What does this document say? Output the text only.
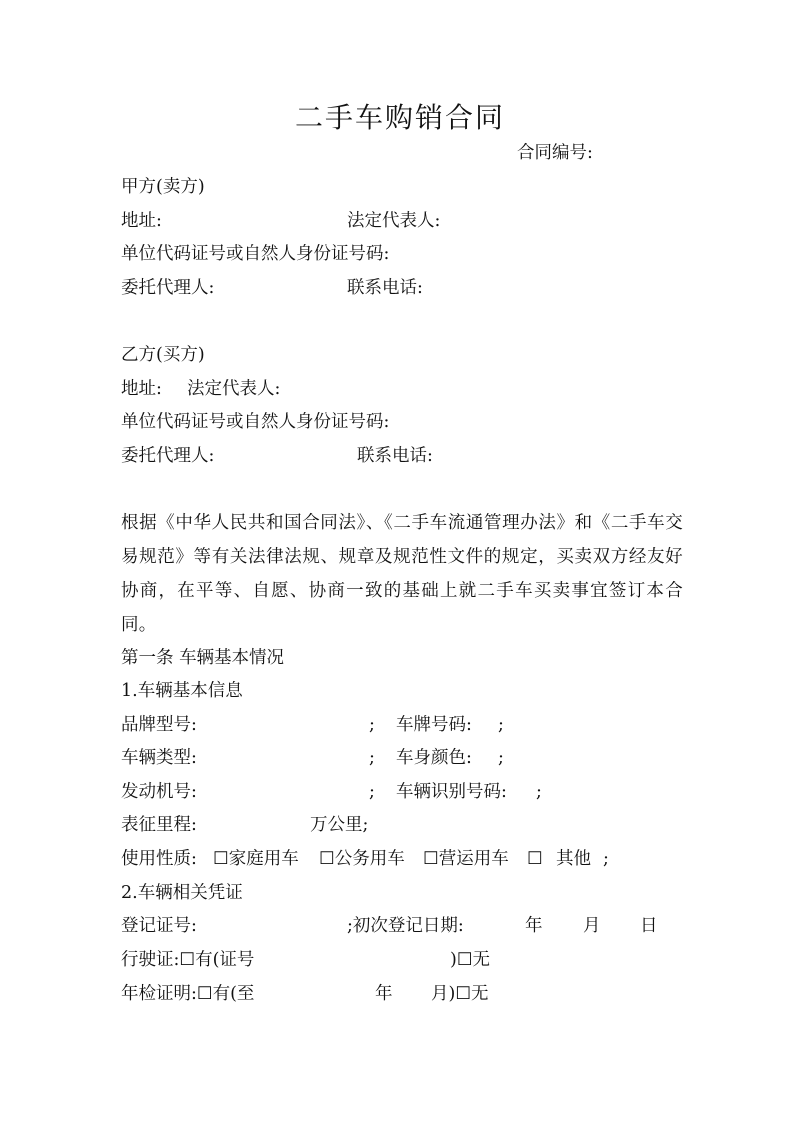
二手车购销合同
合同编号:
甲方(卖方)
地址:	法定代表人:
单位代码证号或自然人身份证号码:
委托代理人:	联系电话:
乙方(买方)
地址: 法定代表人:
单位代码证号或自然人身份证号码:
委托代理人:	联系电话:
根据《中华人民共和国合同法》、《二手车流通管理办法》和《二手车交易规范》等有关法律法规、规章及规范性文件的规定，买卖双方经友好协商，在平等、自愿、协商一致的基础上就二手车买卖事宜签订本合同。
第一条 车辆基本情况
1.车辆基本信息
品牌型号:	; 车牌号码: ;
车辆类型:	; 车身颜色: ;
发动机号:	; 车辆识别号码: ;
表征里程:	万公里;
使用性质: ☐家庭用车 ☐公务用车 ☐营运用车 ☐ 其他 ;
2.车辆相关凭证
登记证号:	;初次登记日期:	年 月 日
行驶证:☐有(证号	)☐无
年检证明:☐有(至	年 月)☐无
